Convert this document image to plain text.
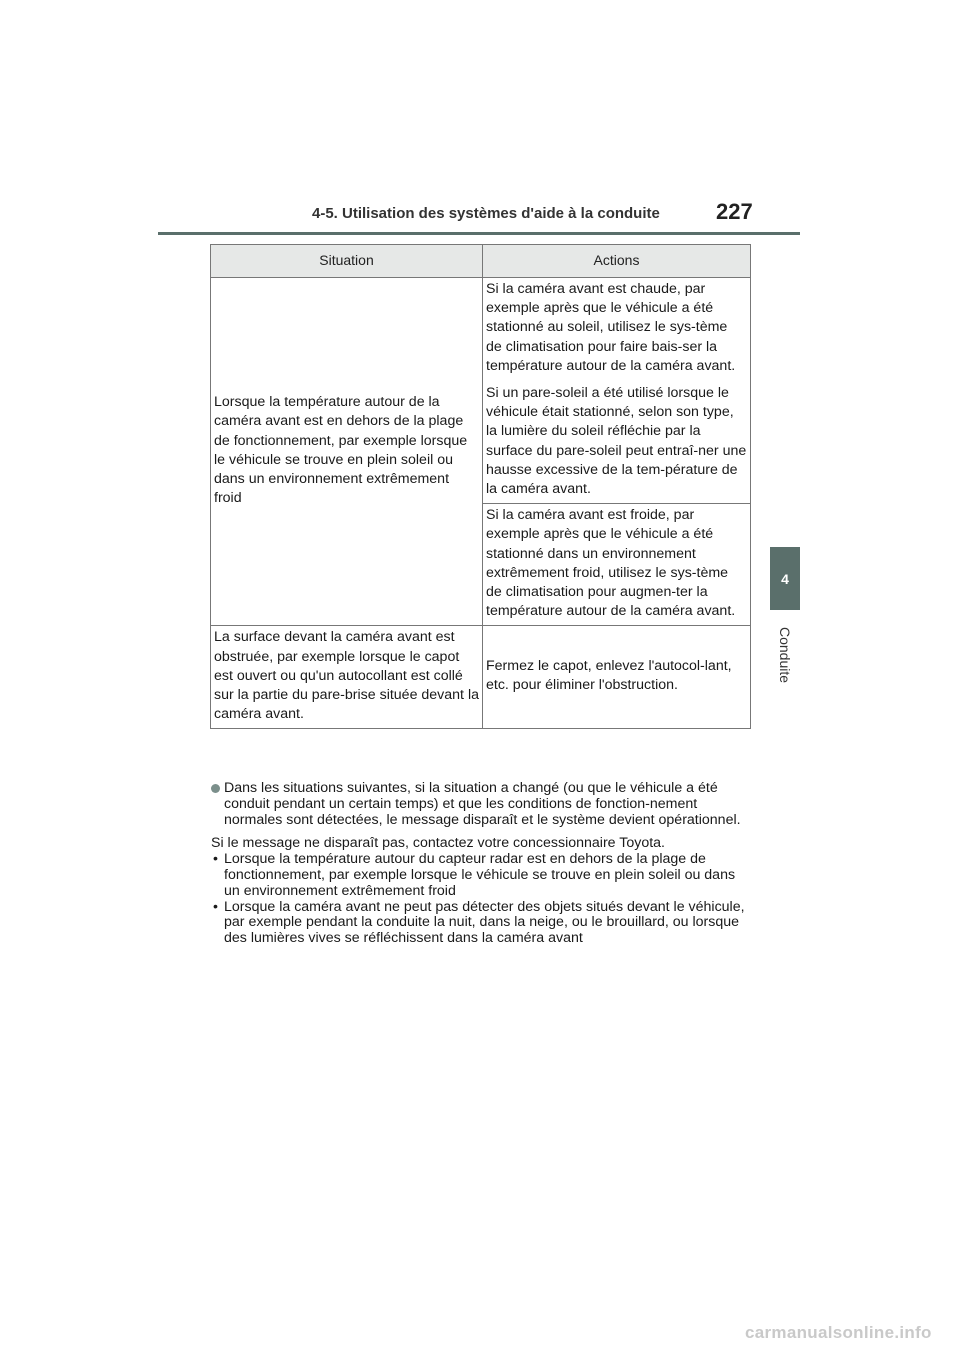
4-5. Utilisation des systèmes d'aide à la conduite	227
4
Conduite
Situation	Actions

Lorsque la température autour de la caméra avant est en dehors de la plage de fonctionnement, par exemple lorsque le véhicule se trouve en plein soleil ou dans un environnement extrêmement froid	Si la caméra avant est chaude, par exemple après que le véhicule a été stationné au soleil, utilisez le sys-tème de climatisation pour faire bais-ser la température autour de la caméra avant.

Si un pare-soleil a été utilisé lorsque le véhicule était stationné, selon son type, la lumière du soleil réfléchie par la surface du pare-soleil peut entraî-ner une hausse excessive de la tem-pérature de la caméra avant.

	Si la caméra avant est froide, par exemple après que le véhicule a été stationné dans un environnement extrêmement froid, utilisez le sys-tème de climatisation pour augmen-ter la température autour de la caméra avant.

La surface devant la caméra avant est obstruée, par exemple lorsque le capot est ouvert ou qu'un autocollant est collé sur la partie du pare-brise située devant la caméra avant.	Fermez le capot, enlevez l'autocol-lant, etc. pour éliminer l'obstruction.

Dans les situations suivantes, si la situation a changé (ou que le véhicule a été conduit pendant un certain temps) et que les conditions de fonction-nement normales sont détectées, le message disparaît et le système devient opérationnel.
Si le message ne disparaît pas, contactez votre concessionnaire Toyota.
• Lorsque la température autour du capteur radar est en dehors de la plage de fonctionnement, par exemple lorsque le véhicule se trouve en plein soleil ou dans un environnement extrêmement froid
• Lorsque la caméra avant ne peut pas détecter des objets situés devant le véhicule, par exemple pendant la conduite la nuit, dans la neige, ou le brouillard, ou lorsque des lumières vives se réfléchissent dans la caméra avant
carmanualsonline.info
